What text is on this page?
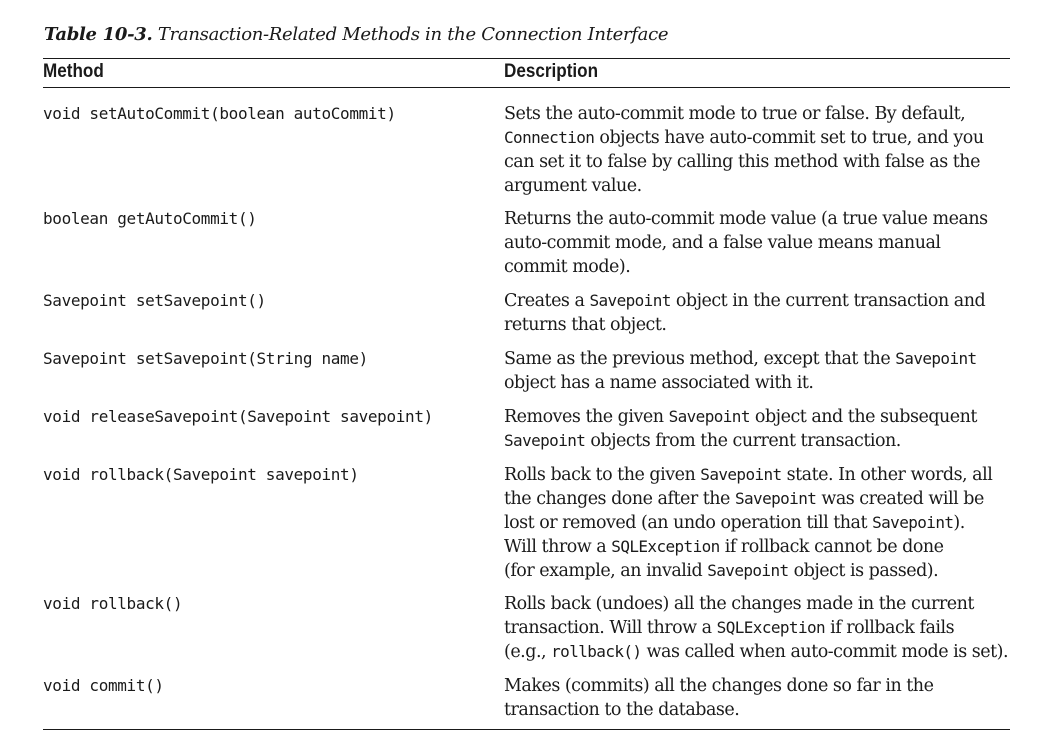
Table 10-3. Transaction-Related Methods in the Connection Interface
Method	Description
void setAutoCommit(boolean autoCommit)	Sets the auto-commit mode to true or false. By default,
Connection objects have auto-commit set to true, and you
can set it to false by calling this method with false as the
argument value.
boolean getAutoCommit()	Returns the auto-commit mode value (a true value means
auto-commit mode, and a false value means manual
commit mode).
Savepoint setSavepoint()	Creates a Savepoint object in the current transaction and
returns that object.
Savepoint setSavepoint(String name)	Same as the previous method, except that the Savepoint
object has a name associated with it.
void releaseSavepoint(Savepoint savepoint)	Removes the given Savepoint object and the subsequent
Savepoint objects from the current transaction.
void rollback(Savepoint savepoint)	Rolls back to the given Savepoint state. In other words, all
the changes done after the Savepoint was created will be
lost or removed (an undo operation till that Savepoint).
Will throw a SQLException if rollback cannot be done
(for example, an invalid Savepoint object is passed).
void rollback()	Rolls back (undoes) all the changes made in the current
transaction. Will throw a SQLException if rollback fails
(e.g., rollback() was called when auto-commit mode is set).
void commit()	Makes (commits) all the changes done so far in the
transaction to the database.
